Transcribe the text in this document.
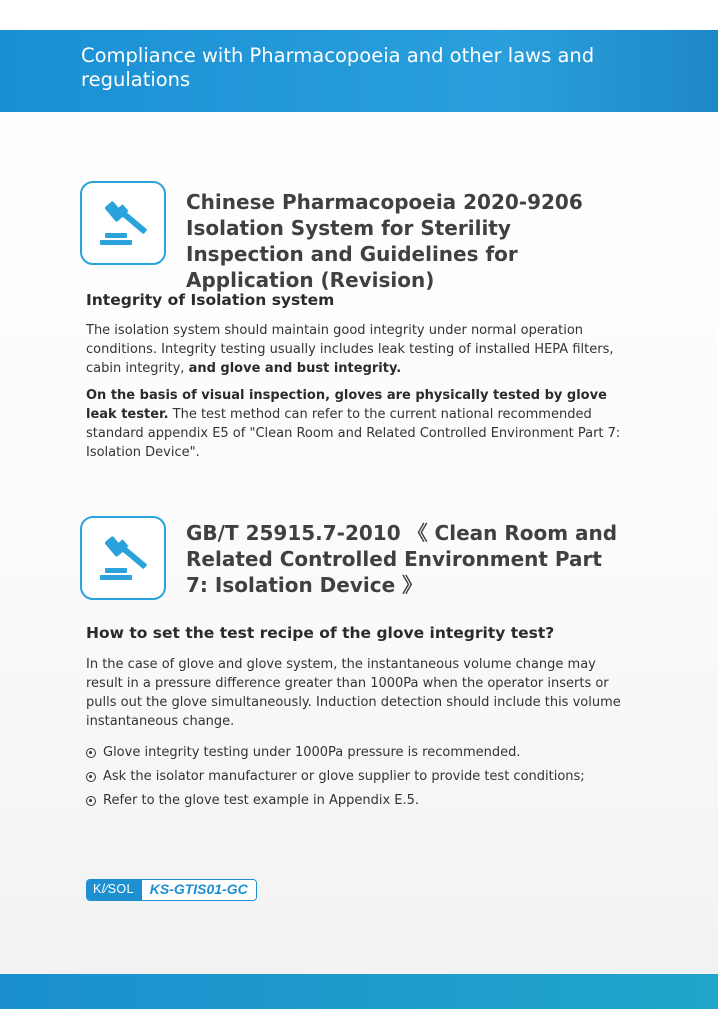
Compliance with Pharmacopoeia and other laws and regulations
Chinese Pharmacopoeia 2020-9206 Isolation System for Sterility Inspection and Guidelines for Application (Revision)
Integrity of Isolation system

The isolation system should maintain good integrity under normal operation conditions. Integrity testing usually includes leak testing of installed HEPA filters, cabin integrity, and glove and bust integrity.

On the basis of visual inspection, gloves are physically tested by glove leak tester. The test method can refer to the current national recommended standard appendix E5 of "Clean Room and Related Controlled Environment Part 7: Isolation Device".

GB/T 25915.7-2010 《 Clean Room and Related Controlled Environment Part 7: Isolation Device 》
How to set the test recipe of the glove integrity test?

In the case of glove and glove system, the instantaneous volume change may result in a pressure difference greater than 1000Pa when the operator inserts or pulls out the glove simultaneously. Induction detection should include this volume instantaneous change.

Glove integrity testing under 1000Pa pressure is recommended.
Ask the isolator manufacturer or glove supplier to provide test conditions;
Refer to the glove test example in Appendix E.5.
K/∕SOL	KS-GTIS01-GC
